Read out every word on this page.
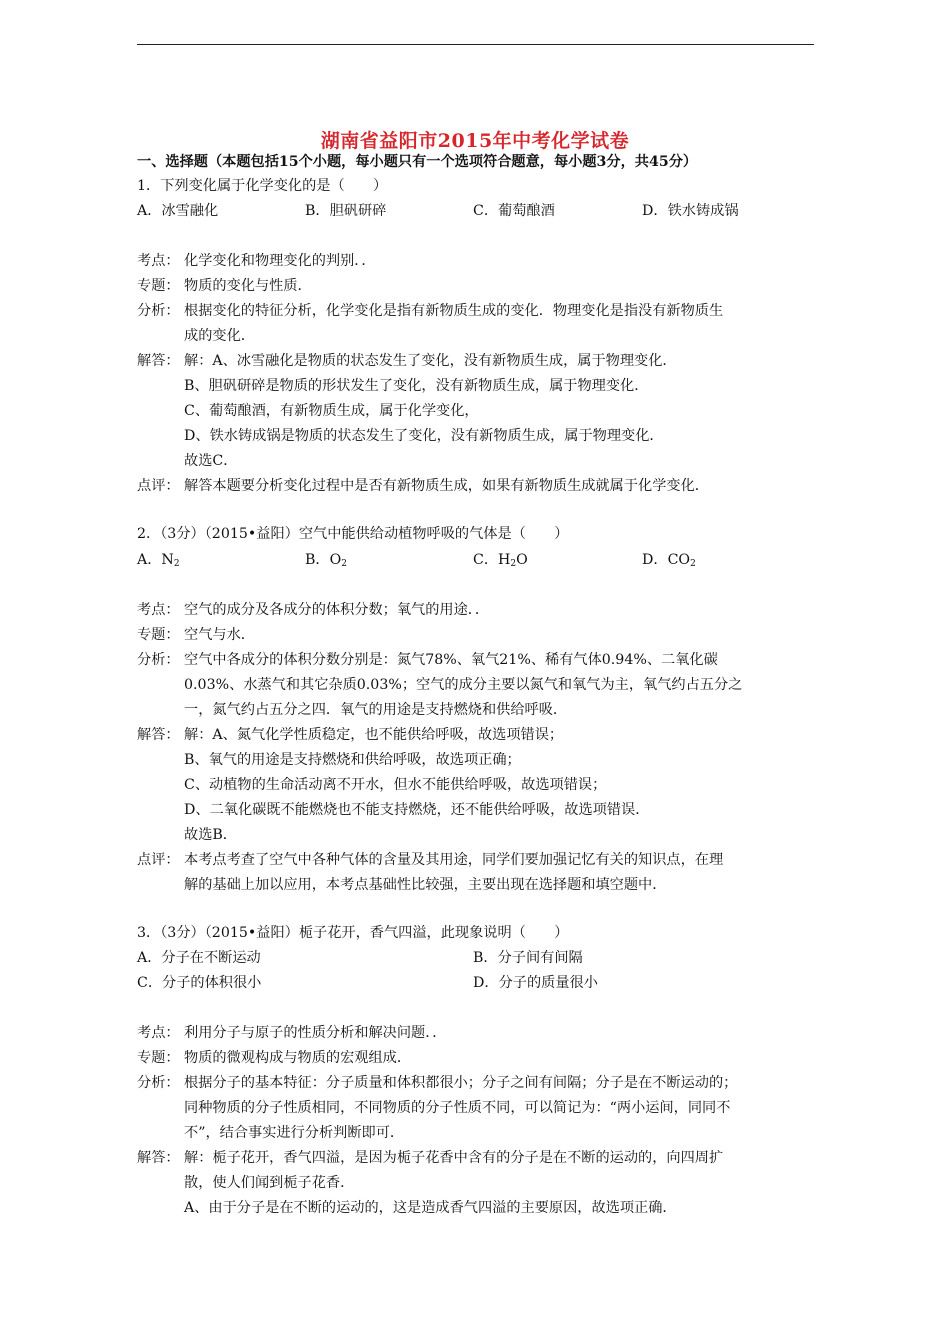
湖南省益阳市2015年中考化学试卷
一、选择题（本题包括15个小题，每小题只有一个选项符合题意，每小题3分，共45分）
1．下列变化属于化学变化的是（　　）
A．冰雪融化	B．胆矾研碎	C．葡萄酿酒	D．铁水铸成锅
考点： 化学变化和物理变化的判别．．
专题： 物质的变化与性质．
分析： 根据变化的特征分析，化学变化是指有新物质生成的变化．物理变化是指没有新物质生
成的变化．
解答： 解：A、冰雪融化是物质的状态发生了变化，没有新物质生成，属于物理变化．
B、胆矾研碎是物质的形状发生了变化，没有新物质生成，属于物理变化．
C、葡萄酿酒，有新物质生成，属于化学变化，
D、铁水铸成锅是物质的状态发生了变化，没有新物质生成，属于物理变化．
故选C．
点评： 解答本题要分析变化过程中是否有新物质生成，如果有新物质生成就属于化学变化．
2．（3分）（2015•益阳）空气中能供给动植物呼吸的气体是（　　）
A．$N_2$	B．$O_2$	C．$H_2O$	D．$CO_2$
考点： 空气的成分及各成分的体积分数；氧气的用途．．
专题： 空气与水．
分析： 空气中各成分的体积分数分别是：氮气78%、氧气21%、稀有气体0.94%、二氧化碳
0.03%、水蒸气和其它杂质0.03%；空气的成分主要以氮气和氧气为主，氧气约占五分之
一，氮气约占五分之四．氧气的用途是支持燃烧和供给呼吸．
解答： 解：A、氮气化学性质稳定，也不能供给呼吸，故选项错误；
B、氧气的用途是支持燃烧和供给呼吸，故选项正确；
C、动植物的生命活动离不开水，但水不能供给呼吸，故选项错误；
D、二氧化碳既不能燃烧也不能支持燃烧，还不能供给呼吸，故选项错误．
故选B．
点评： 本考点考查了空气中各种气体的含量及其用途，同学们要加强记忆有关的知识点，在理
解的基础上加以应用，本考点基础性比较强，主要出现在选择题和填空题中．
3．（3分）（2015•益阳）栀子花开，香气四溢，此现象说明（　　）
A．分子在不断运动	B．分子间有间隔
C．分子的体积很小	D．分子的质量很小
考点： 利用分子与原子的性质分析和解决问题．．
专题： 物质的微观构成与物质的宏观组成．
分析： 根据分子的基本特征：分子质量和体积都很小；分子之间有间隔；分子是在不断运动的；
同种物质的分子性质相同，不同物质的分子性质不同，可以简记为：“两小运间，同同不
不”，结合事实进行分析判断即可．
解答： 解：栀子花开，香气四溢，是因为栀子花香中含有的分子是在不断的运动的，向四周扩
散，使人们闻到栀子花香．
A、由于分子是在不断的运动的，这是造成香气四溢的主要原因，故选项正确．
